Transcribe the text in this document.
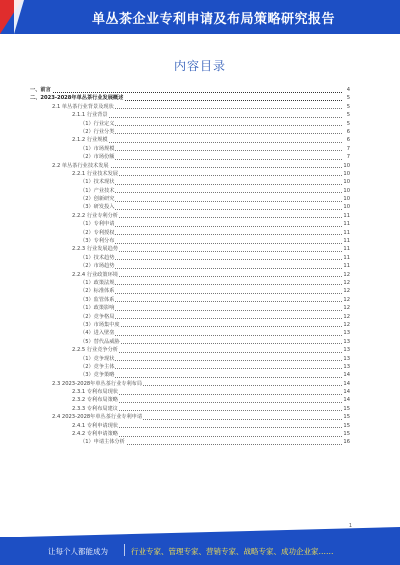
单丛茶企业专利申请及布局策略研究报告
内容目录
一、前言	4
二、2023-2028年单丛茶行业发展概述	5
2.1 单丛茶行业背景及现状	5
2.1.1 行业背景	5
（1）行业定义	5
（2）行业分类	6
2.1.2 行业规模	6
（1）市场规模	7
（2）市场份额	7
2.2 单丛茶行业技术发展	10
2.2.1 行业技术发展	10
（1）技术现状	10
（1）产业技术	10
（2）创新研究	10
（3）研发投入	10
2.2.2 行业专利分析	11
（1）专利申请	11
（2）专利授权	11
（3）专利分布	11
2.2.3 行业发展趋势	11
（1）技术趋势	11
（2）市场趋势	11
2.2.4 行业政策环境	12
（1）政策法规	12
（2）标准体系	12
（3）监管体系	12
（1）政策影响	12
（2）竞争格局	12
（3）市场集中度	12
（4）进入壁垒	13
（5）替代品威胁	13
2.2.5 行业竞争分析	13
（1）竞争现状	13
（2）竞争主体	13
（3）竞争策略	14
2.3 2023-2028年单丛茶行业专利布局	14
2.3.1 专利布局现状	14
2.3.2 专利布局策略	14
2.3.3 专利布局建议	15
2.4 2023-2028年单丛茶行业专利申请	15
2.4.1 专利申请现状	15
2.4.2 专利申请策略	15
（1）申请主体分析	16
1
让每个人都能成为	行业专家、管理专家、营销专家、战略专家、成功企业家……
